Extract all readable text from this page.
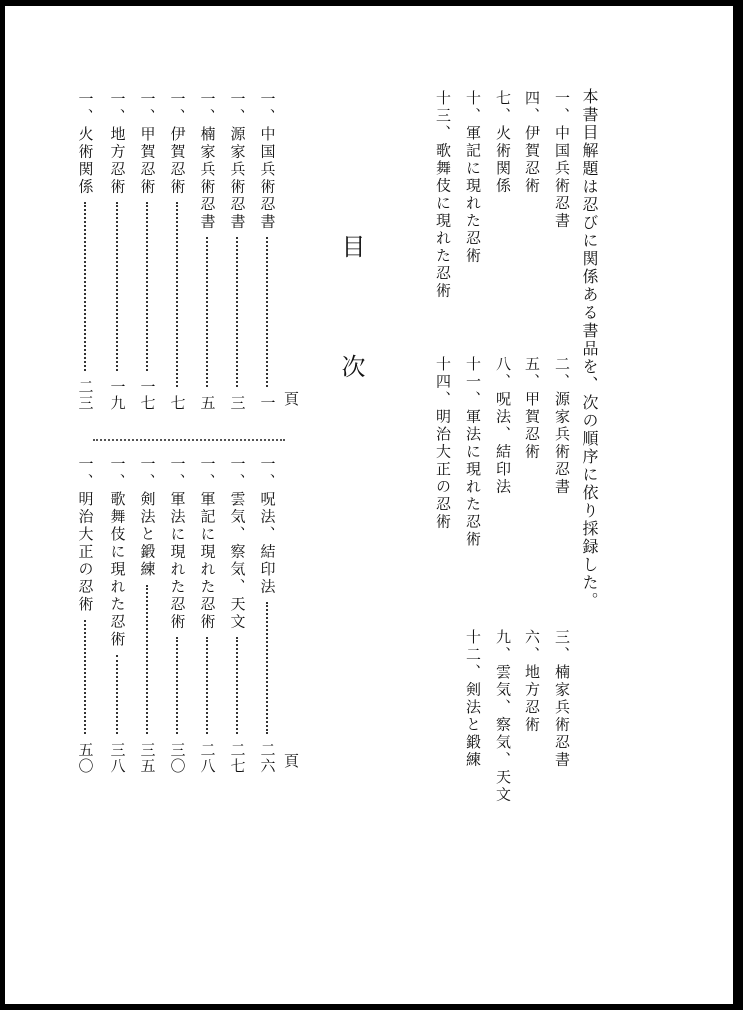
本書目解題は忍びに関係ある書品を、次の順序に依り採録した。
一、中国兵術忍書
二、源家兵術忍書
三、楠家兵術忍書
四、伊賀忍術
五、甲賀忍術
六、地方忍術
七、火術関係
八、呪法、結印法
九、雲気、察気、天文
十、軍記に現れた忍術
十一、軍法に現れた忍術
十二、剣法と鍛練
十三、歌舞伎に現れた忍術
十四、明治大正の忍術
目
次
頁
頁
一、中国兵術忍書
一
一、源家兵術忍書
三
一、楠家兵術忍書
五
一、伊賀忍術
七
一、甲賀忍術
一七
一、地方忍術
一九
一、火術関係
二三
一、呪法、結印法
二六
一、雲気、察気、天文
二七
一、軍記に現れた忍術
二八
一、軍法に現れた忍術
三〇
一、剣法と鍛練
三五
一、歌舞伎に現れた忍術
三八
一、明治大正の忍術
五〇
